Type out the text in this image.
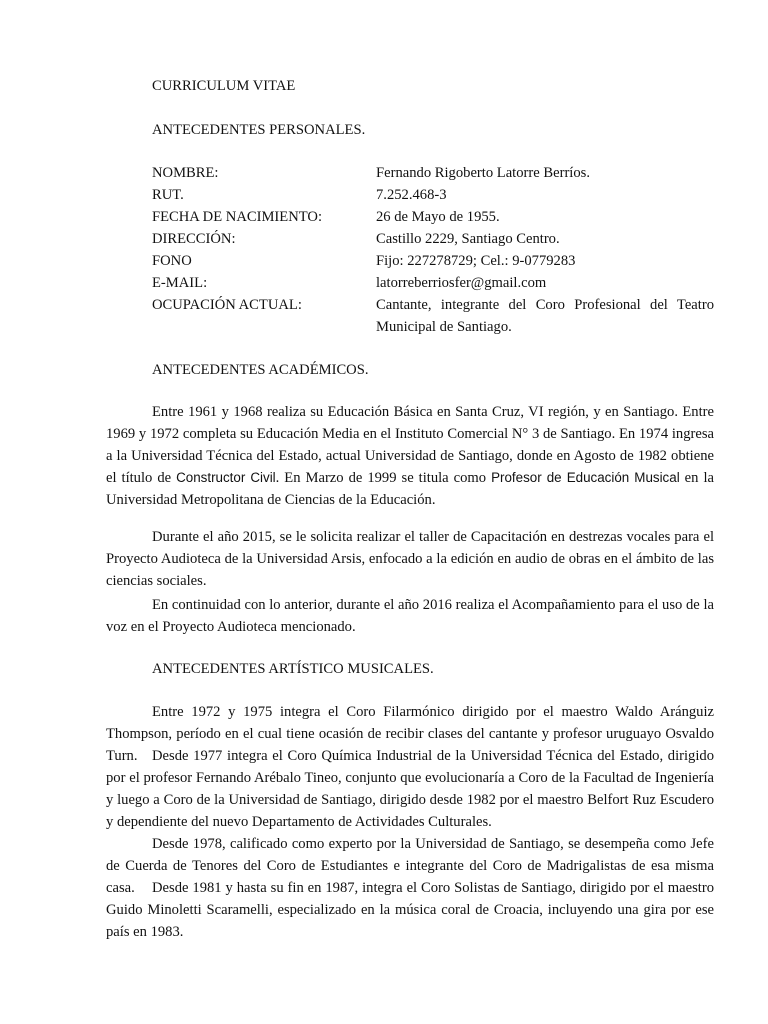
CURRICULUM VITAE
ANTECEDENTES PERSONALES.
NOMBRE:	Fernando Rigoberto Latorre Berríos.
RUT.	7.252.468-3
FECHA DE NACIMIENTO:	26 de Mayo de 1955.
DIRECCIÓN:	Castillo 2229, Santiago Centro.
FONO	Fijo: 227278729; Cel.: 9-0779283
E-MAIL:	latorreberriosfer@gmail.com
OCUPACIÓN ACTUAL:	Cantante, integrante del Coro Profesional del Teatro Municipal de Santiago.
ANTECEDENTES ACADÉMICOS.
Entre 1961 y 1968 realiza su Educación Básica en Santa Cruz, VI región, y en Santiago. Entre 1969 y 1972 completa su Educación Media en el Instituto Comercial N° 3 de Santiago. En 1974 ingresa a la Universidad Técnica del Estado, actual Universidad de Santiago, donde en Agosto de 1982 obtiene el título de Constructor Civil. En Marzo de 1999 se titula como Profesor de Educación Musical en la Universidad Metropolitana de Ciencias de la Educación.
Durante el año 2015, se le solicita realizar el taller de Capacitación en destrezas vocales para el Proyecto Audioteca de la Universidad Arsis, enfocado a la edición en audio de obras en el ámbito de las ciencias sociales.
En continuidad con lo anterior, durante el año 2016 realiza el Acompañamiento para el uso de la voz en el Proyecto Audioteca mencionado.
ANTECEDENTES ARTÍSTICO MUSICALES.
Entre 1972 y 1975 integra el Coro Filarmónico dirigido por el maestro Waldo Aránguiz Thompson, período en el cual tiene ocasión de recibir clases del cantante y profesor uruguayo Osvaldo Turn. Desde 1977 integra el Coro Química Industrial de la Universidad Técnica del Estado, dirigido por el profesor Fernando Arébalo Tineo, conjunto que evolucionaría a Coro de la Facultad de Ingeniería y luego a Coro de la Universidad de Santiago, dirigido desde 1982 por el maestro Belfort Ruz Escudero y dependiente del nuevo Departamento de Actividades Culturales.
Desde 1978, calificado como experto por la Universidad de Santiago, se desempeña como Jefe de Cuerda de Tenores del Coro de Estudiantes e integrante del Coro de Madrigalistas de esa misma casa.	Desde 1981 y hasta su fin en 1987, integra el Coro Solistas de Santiago, dirigido por el maestro Guido Minoletti Scaramelli, especializado en la música coral de Croacia, incluyendo una gira por ese país en 1983.
